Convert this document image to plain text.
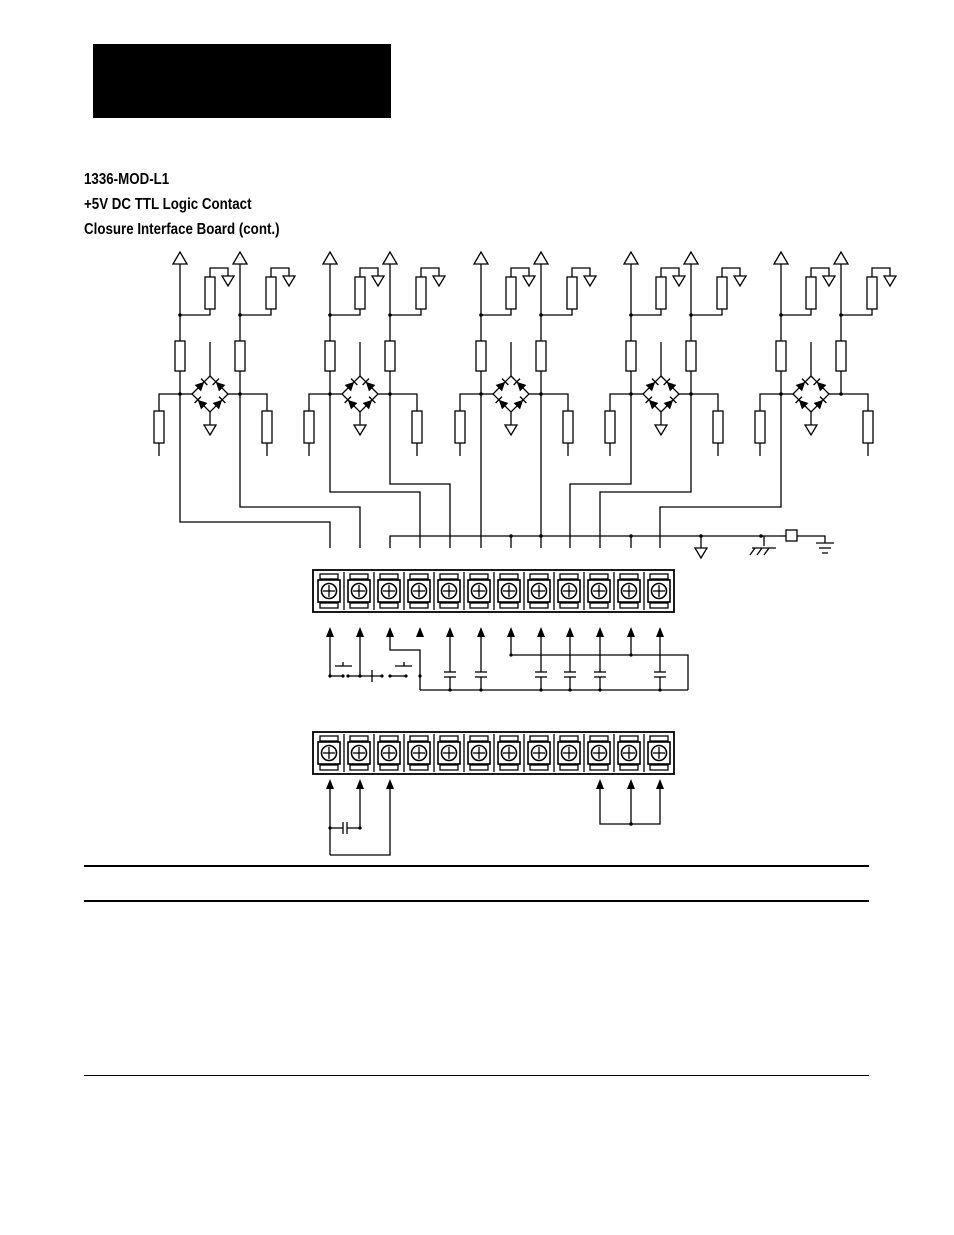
1336-MOD-L1
+5V DC TTL Logic Contact
Closure Interface Board (cont.)
